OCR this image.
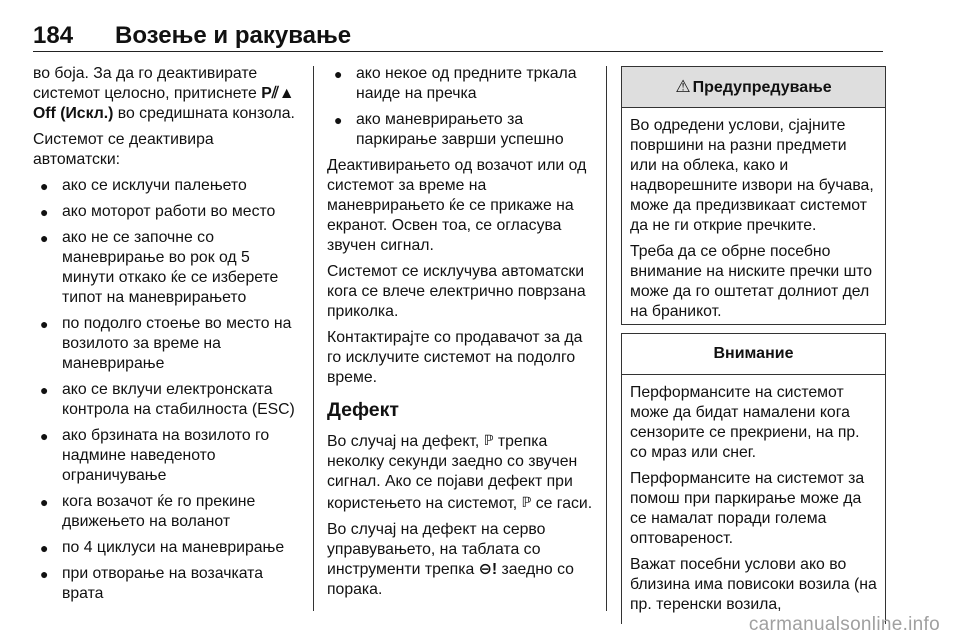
184 Возење и ракување

во боја. За да го деактивирате системот целосно, притиснете P⫽▲ Off (Искл.) во средишната конзола.

Системот се деактивира автоматски:

● ако се исклучи палењето
● ако моторот работи во место
● ако не се започне со маневрирање во рок од 5 минути откако ќе се изберете типот на маневрирањето
● по подолго стоење во место на возилото за време на маневрирање
● ако се вклучи електронската контрола на стабилноста (ESC)
● ако брзината на возилото го надмине наведеното ограничување
● кога возачот ќе го прекине движењето на воланот
● по 4 циклуси на маневрирање
● при отворање на возачката врата
● ако некое од предните тркала наиде на пречка
● ако маневрирањето за паркирање заврши успешно

Деактивирањето од возачот или од системот за време на маневрирањето ќе се прикаже на екранот. Освен тоа, се огласува звучен сигнал.

Системот се исклучува автоматски кога се влече електрично поврзана приколка.

Контактирајте со продавачот за да го исклучите системот на подолго време.

Дефект

Во случај на дефект, ℙ трепка неколку секунди заедно со звучен сигнал. Ако се појави дефект при користењето на системот, ℙ се гаси.

Во случај на дефект на серво управувањето, на таблата со инструменти трепка ⊖! заедно со порака.

⚠ Предупредување

Во одредени услови, сјајните површини на разни предмети или на облека, како и надворешните извори на бучава, може да предизвикаат системот да не ги открие пречките.

Треба да се обрне посебно внимание на ниските пречки што може да го оштетат долниот дел на браникот.

Внимание

Перформансите на системот може да бидат намалени кога сензорите се прекриени, на пр. со мраз или снег.

Перформансите на системот за помош при паркирање може да се намалат поради голема оптовареност.

Важат посебни услови ако во близина има повисоки возила (на пр. теренски возила,

carmanualsonline.info
